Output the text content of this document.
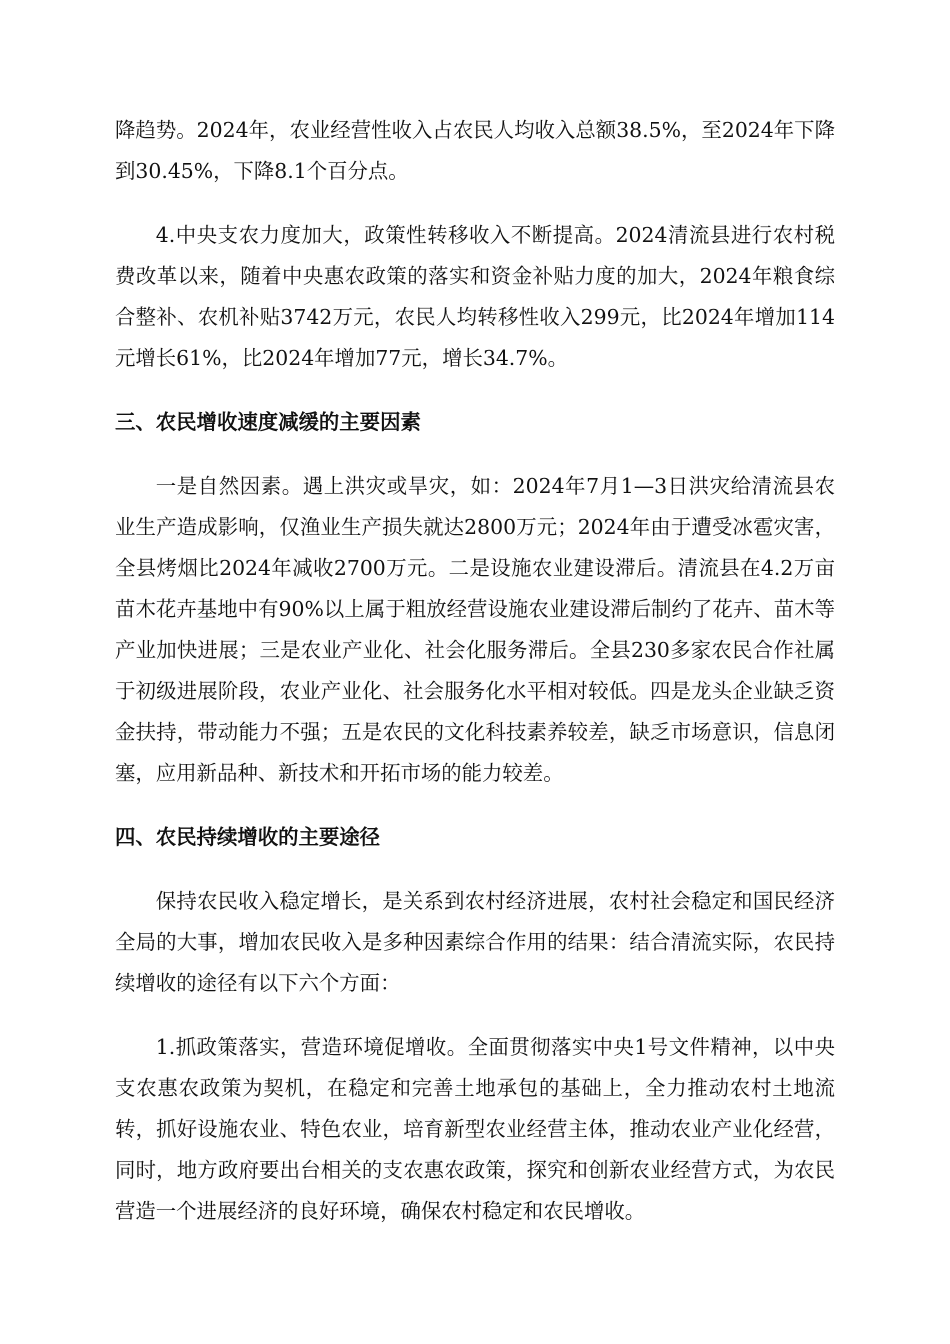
降趋势。2024年，农业经营性收入占农民人均收入总额38.5%，至2024年下降到30.45%，下降8.1个百分点。

4.中央支农力度加大，政策性转移收入不断提高。2024清流县进行农村税费改革以来，随着中央惠农政策的落实和资金补贴力度的加大，2024年粮食综合整补、农机补贴3742万元，农民人均转移性收入299元，比2024年增加114元增长61%，比2024年增加77元，增长34.7%。

三、农民增收速度减缓的主要因素

一是自然因素。遇上洪灾或旱灾，如：2024年7月1—3日洪灾给清流县农业生产造成影响，仅渔业生产损失就达2800万元；2024年由于遭受冰雹灾害，全县烤烟比2024年减收2700万元。二是设施农业建设滞后。清流县在4.2万亩苗木花卉基地中有90%以上属于粗放经营设施农业建设滞后制约了花卉、苗木等产业加快进展；三是农业产业化、社会化服务滞后。全县230多家农民合作社属于初级进展阶段，农业产业化、社会服务化水平相对较低。四是龙头企业缺乏资金扶持，带动能力不强；五是农民的文化科技素养较差，缺乏市场意识，信息闭塞，应用新品种、新技术和开拓市场的能力较差。

四、农民持续增收的主要途径

保持农民收入稳定增长，是关系到农村经济进展，农村社会稳定和国民经济全局的大事，增加农民收入是多种因素综合作用的结果：结合清流实际，农民持续增收的途径有以下六个方面：

1.抓政策落实，营造环境促增收。全面贯彻落实中央1号文件精神，以中央支农惠农政策为契机，在稳定和完善土地承包的基础上，全力推动农村土地流转，抓好设施农业、特色农业，培育新型农业经营主体，推动农业产业化经营，同时，地方政府要出台相关的支农惠农政策，探究和创新农业经营方式，为农民营造一个进展经济的良好环境，确保农村稳定和农民增收。
